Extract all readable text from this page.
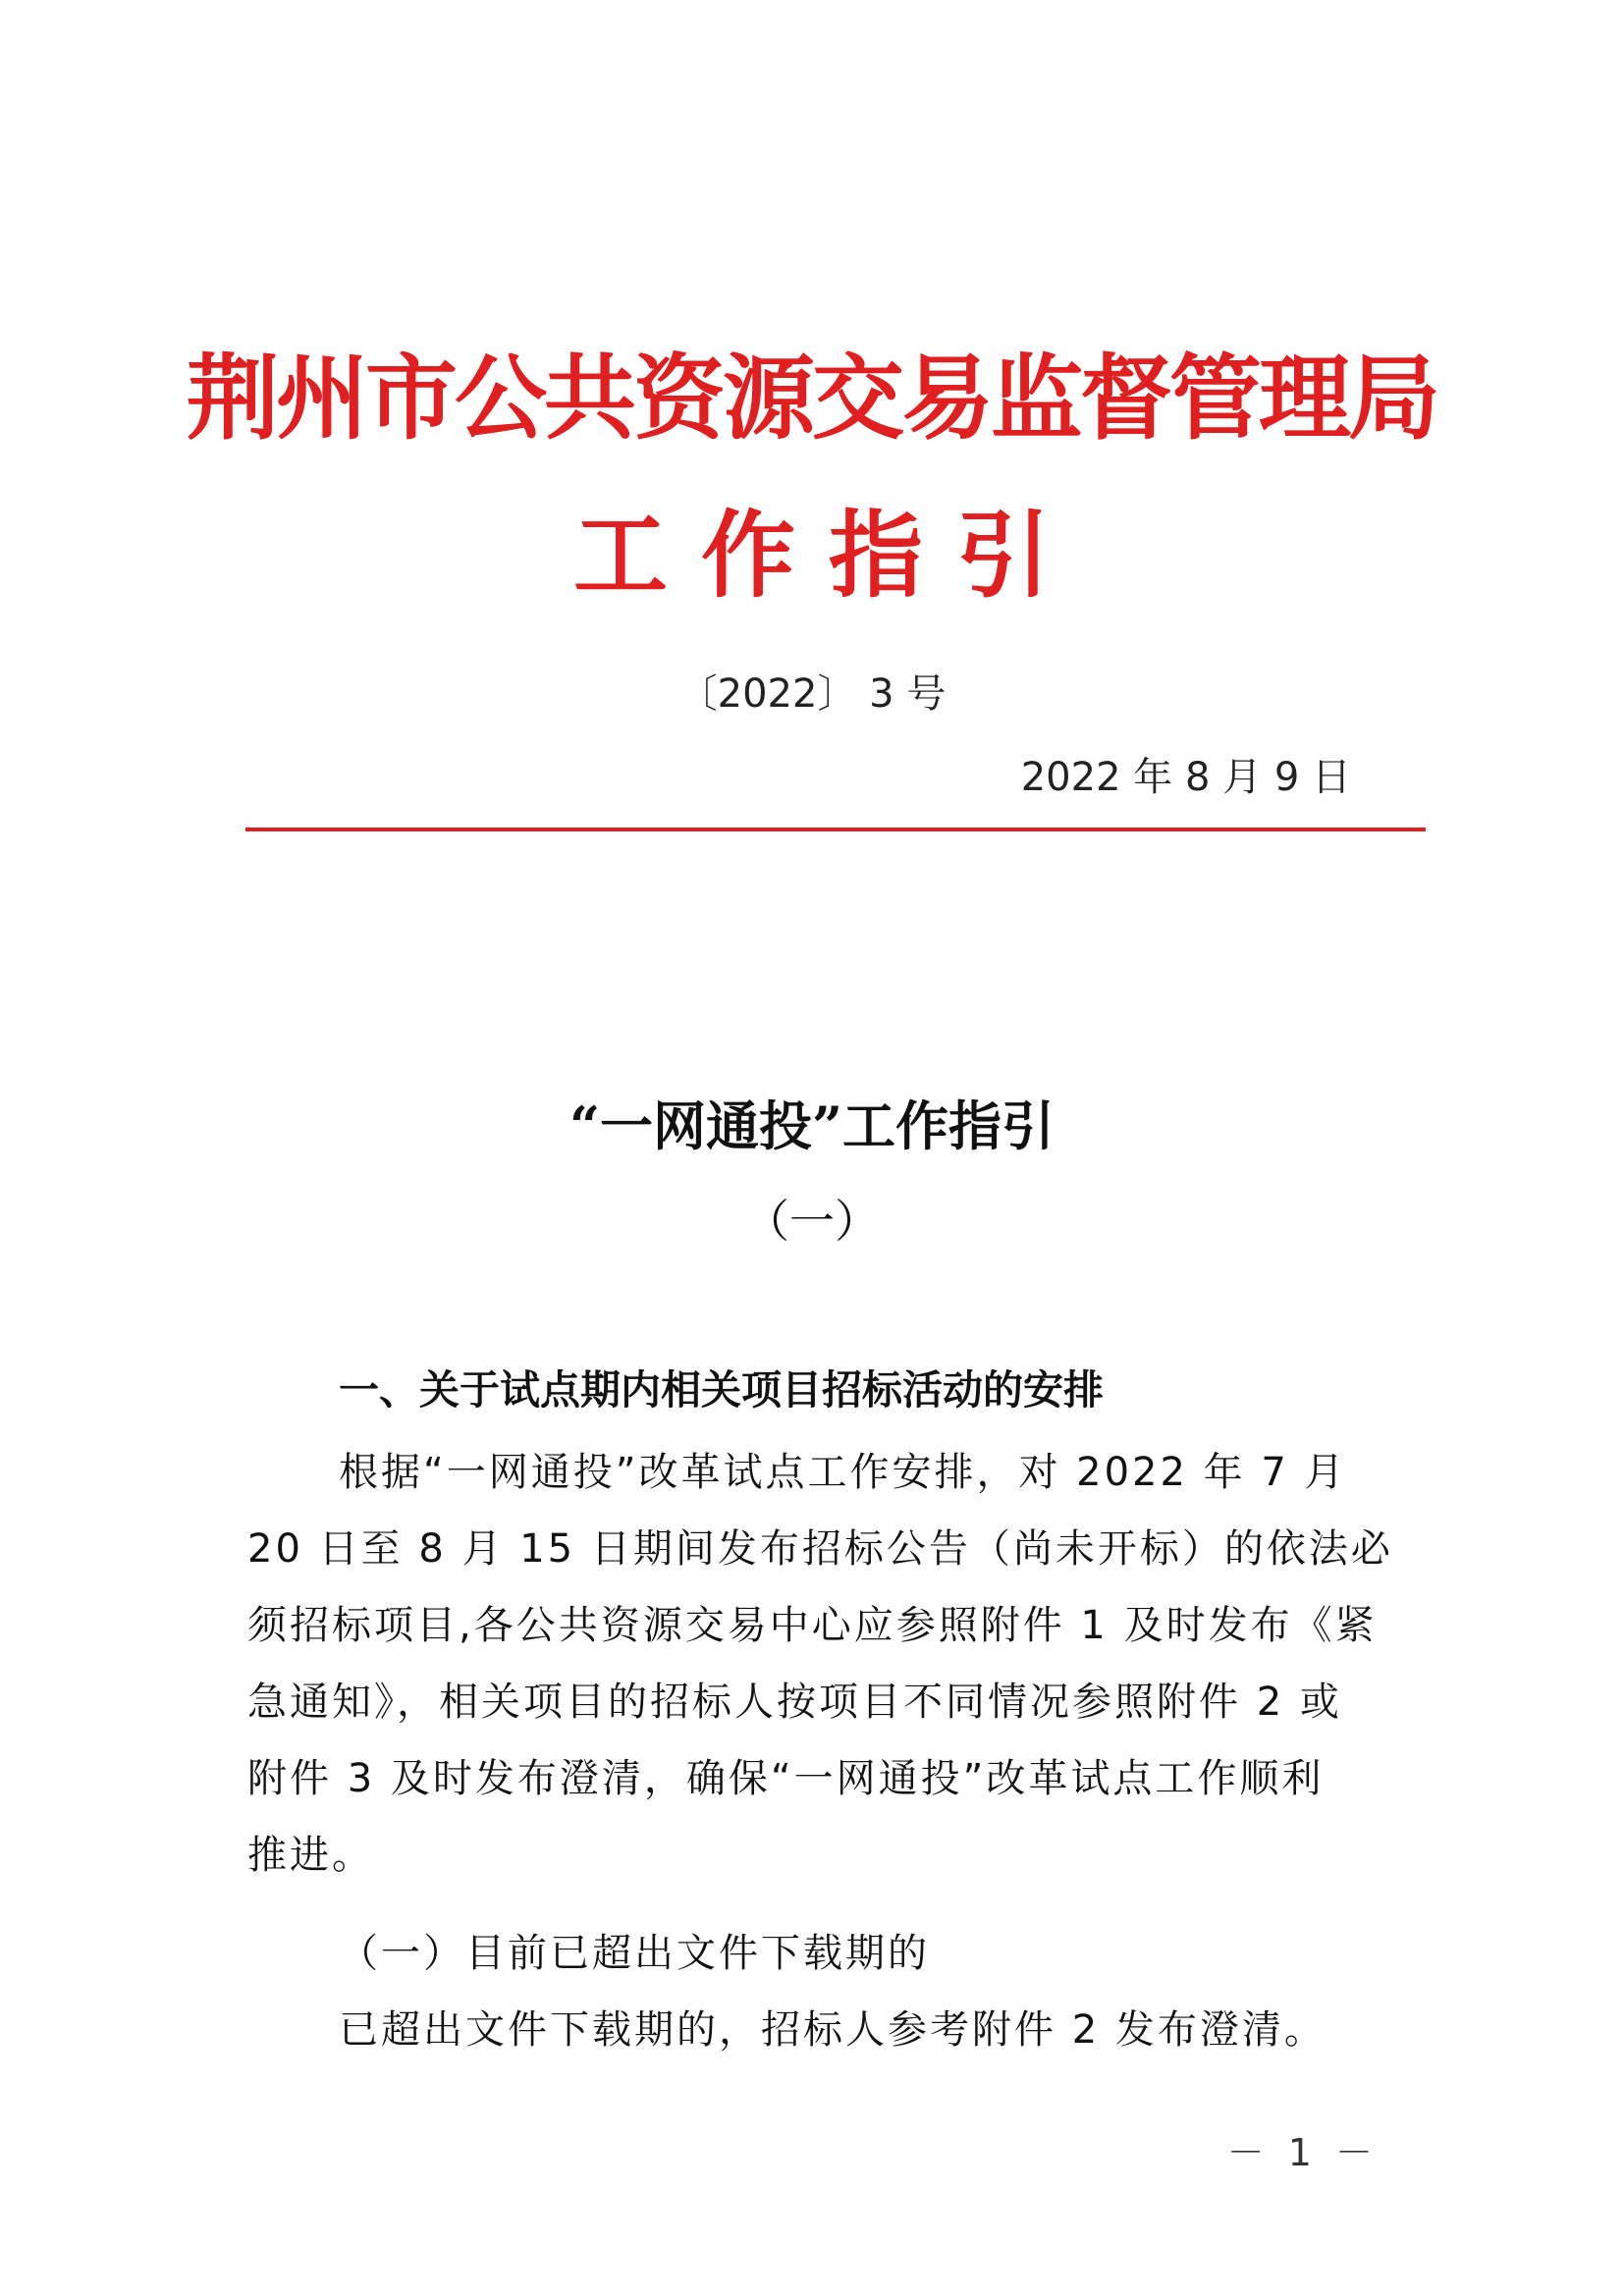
荆州市公共资源交易监督管理局
工作指引
〔2022〕 3 号
2022 年 8 月 9 日
“一网通投”工作指引
（一）
一、关于试点期内相关项目招标活动的安排
根据“一网通投”改革试点工作安排，对 2022 年 7 月
20 日至 8 月 15 日期间发布招标公告（尚未开标）的依法必
须招标项目,各公共资源交易中心应参照附件 1 及时发布《紧
急通知》，相关项目的招标人按项目不同情况参照附件 2 或
附件 3 及时发布澄清，确保“一网通投”改革试点工作顺利
推进。
（一）目前已超出文件下载期的
已超出文件下载期的，招标人参考附件 2 发布澄清。
－ 1 －
